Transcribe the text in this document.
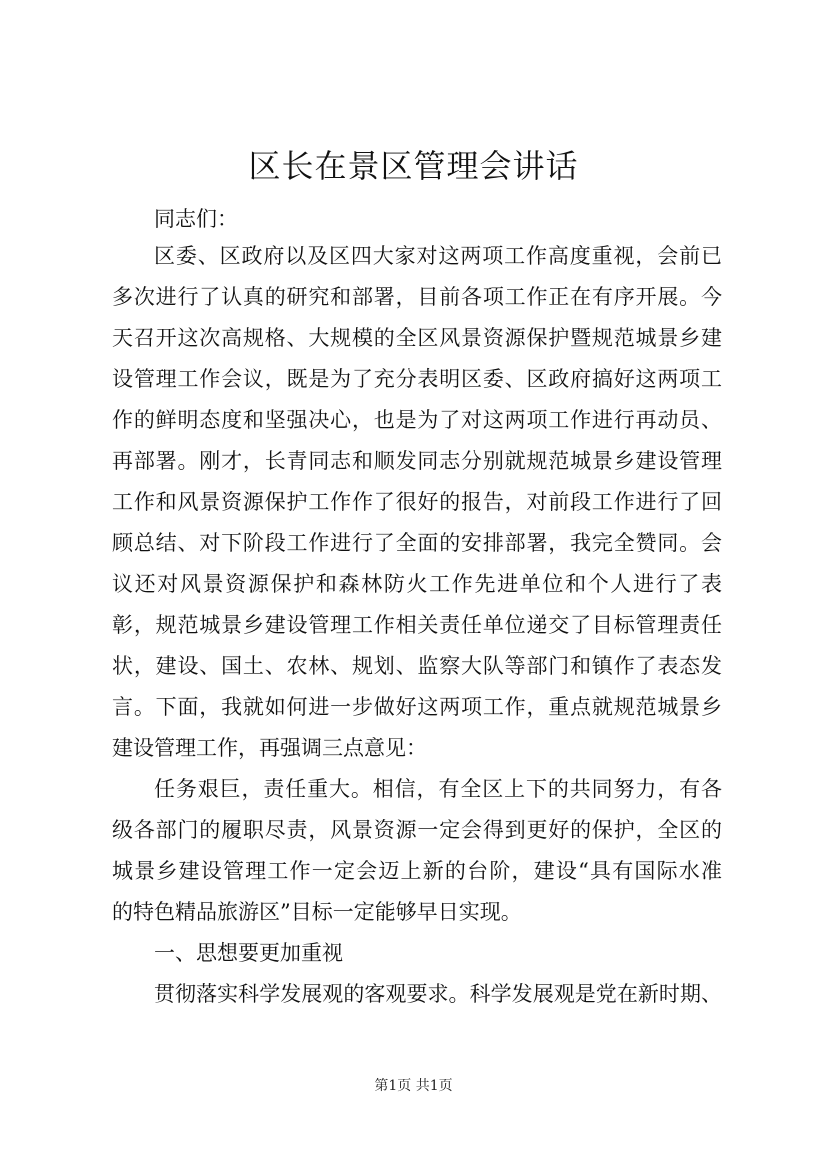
区长在景区管理会讲话
同志们：
区委、区政府以及区四大家对这两项工作高度重视，会前已
多次进行了认真的研究和部署，目前各项工作正在有序开展。今
天召开这次高规格、大规模的全区风景资源保护暨规范城景乡建
设管理工作会议，既是为了充分表明区委、区政府搞好这两项工
作的鲜明态度和坚强决心，也是为了对这两项工作进行再动员、
再部署。刚才，长青同志和顺发同志分别就规范城景乡建设管理
工作和风景资源保护工作作了很好的报告，对前段工作进行了回
顾总结、对下阶段工作进行了全面的安排部署，我完全赞同。会
议还对风景资源保护和森林防火工作先进单位和个人进行了表
彰，规范城景乡建设管理工作相关责任单位递交了目标管理责任
状，建设、国土、农林、规划、监察大队等部门和镇作了表态发
言。下面，我就如何进一步做好这两项工作，重点就规范城景乡
建设管理工作，再强调三点意见：
任务艰巨，责任重大。相信，有全区上下的共同努力，有各
级各部门的履职尽责，风景资源一定会得到更好的保护，全区的
城景乡建设管理工作一定会迈上新的台阶，建设“具有国际水准
的特色精品旅游区”目标一定能够早日实现。
一、思想要更加重视
贯彻落实科学发展观的客观要求。科学发展观是党在新时期、
第1页 共1页
